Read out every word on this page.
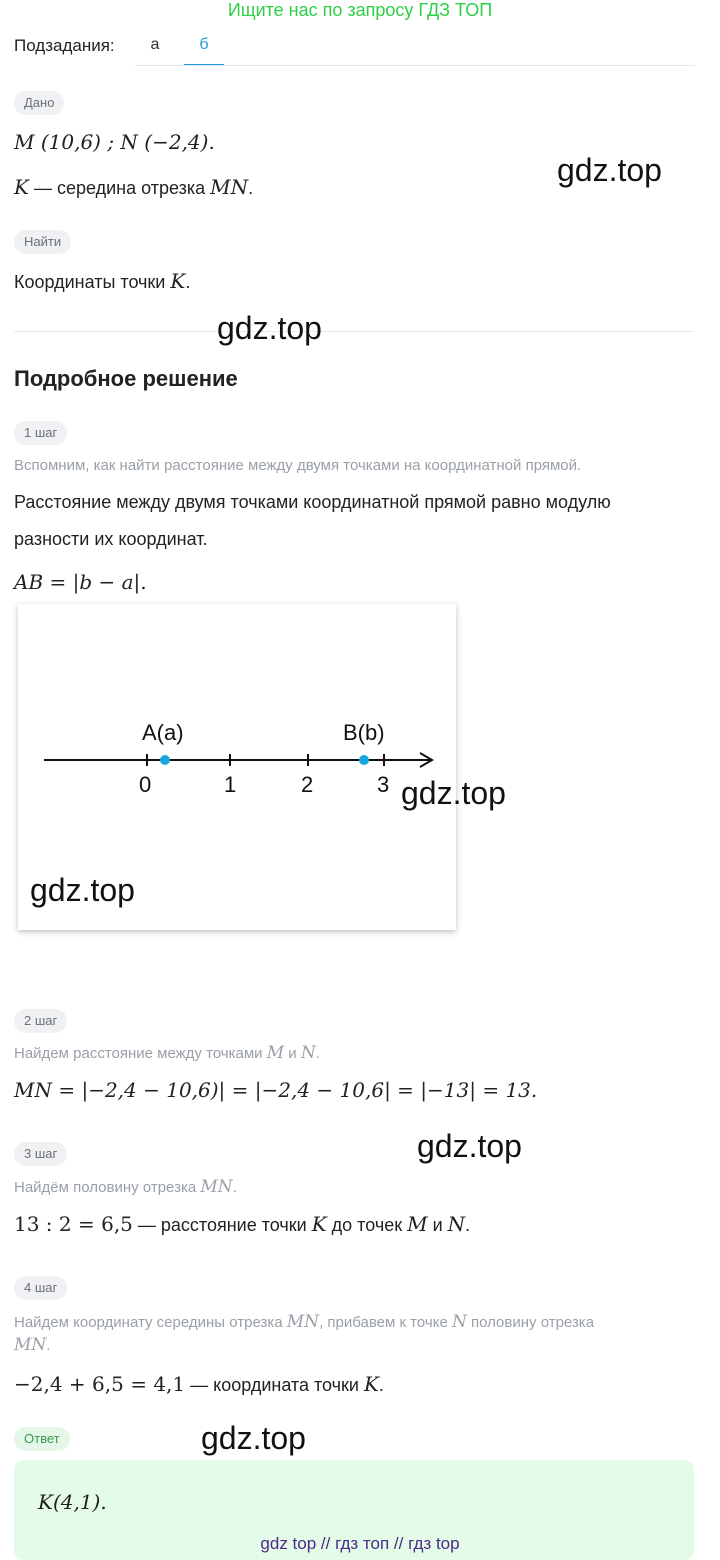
Ищите нас по запросу ГДЗ ТОП
Подзадания:	а	б
Дано
M (10,6) ; N (−2,4).
K — середина отрезка MN.	gdz.top
Найти
Координаты точки K.
gdz.top
Подробное решение
1 шаг
Вспомним, как найти расстояние между двумя точками на координатной прямой.
Расстояние между двумя точками координатной прямой равно модулю
разности их координат.
AB = |b − a|.
A(a)	B(b)
0	1	2	3
gdz.top
gdz.top
2 шаг
Найдем расстояние между точками M и N.
MN = |−2,4 − 10,6)| = |−2,4 − 10,6| = |−13| = 13.
gdz.top
3 шаг
Найдём половину отрезка MN.
13 : 2 = 6,5 — расстояние точки K до точек M и N.
4 шаг
Найдем координату середины отрезка MN, прибавем к точке N половину отрезка
MN.
−2,4 + 6,5 = 4,1 — координата точки K.
Ответ	gdz.top
K(4,1).
gdz top // гдз топ // гдз top
